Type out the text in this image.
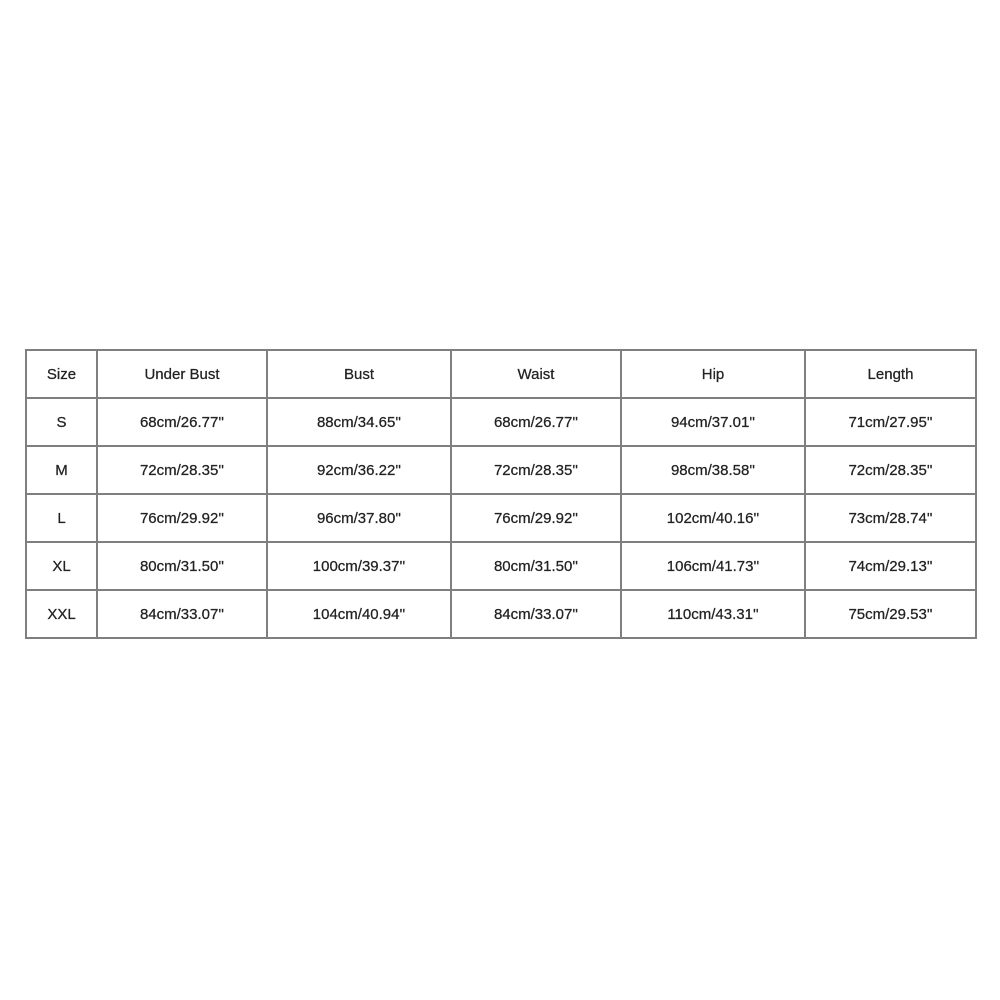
Size	Under Bust	Bust	Waist	Hip	Length
S	68cm/26.77''	88cm/34.65''	68cm/26.77''	94cm/37.01''	71cm/27.95''
M	72cm/28.35''	92cm/36.22''	72cm/28.35''	98cm/38.58''	72cm/28.35''
L	76cm/29.92''	96cm/37.80''	76cm/29.92''	102cm/40.16''	73cm/28.74''
XL	80cm/31.50''	100cm/39.37''	80cm/31.50''	106cm/41.73''	74cm/29.13''
XXL	84cm/33.07''	104cm/40.94''	84cm/33.07''	110cm/43.31''	75cm/29.53''
